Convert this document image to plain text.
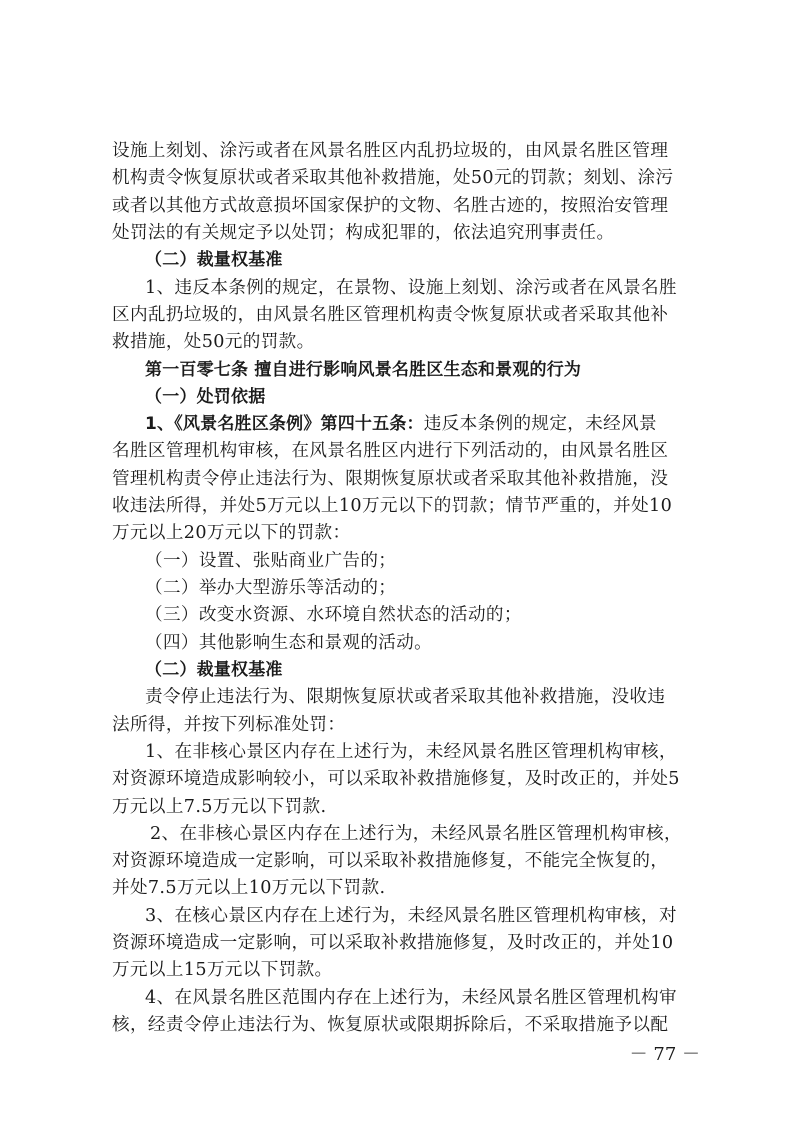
设施上刻划、涂污或者在风景名胜区内乱扔垃圾的，由风景名胜区管理
机构责令恢复原状或者采取其他补救措施，处50元的罚款；刻划、涂污
或者以其他方式故意损坏国家保护的文物、名胜古迹的，按照治安管理
处罚法的有关规定予以处罚；构成犯罪的，依法追究刑事责任。
（二）裁量权基准
1、违反本条例的规定，在景物、设施上刻划、涂污或者在风景名胜
区内乱扔垃圾的，由风景名胜区管理机构责令恢复原状或者采取其他补
救措施，处50元的罚款。
第一百零七条 擅自进行影响风景名胜区生态和景观的行为
（一）处罚依据
1、《风景名胜区条例》第四十五条：违反本条例的规定，未经风景
名胜区管理机构审核，在风景名胜区内进行下列活动的，由风景名胜区
管理机构责令停止违法行为、限期恢复原状或者采取其他补救措施，没
收违法所得，并处5万元以上10万元以下的罚款；情节严重的，并处10
万元以上20万元以下的罚款：
（一）设置、张贴商业广告的；
（二）举办大型游乐等活动的；
（三）改变水资源、水环境自然状态的活动的；
（四）其他影响生态和景观的活动。
（二）裁量权基准
责令停止违法行为、限期恢复原状或者采取其他补救措施，没收违
法所得，并按下列标准处罚：
1、在非核心景区内存在上述行为，未经风景名胜区管理机构审核，
对资源环境造成影响较小，可以采取补救措施修复，及时改正的，并处5
万元以上7.5万元以下罚款.
2、在非核心景区内存在上述行为，未经风景名胜区管理机构审核，
对资源环境造成一定影响，可以采取补救措施修复，不能完全恢复的，
并处7.5万元以上10万元以下罚款.
3、在核心景区内存在上述行为，未经风景名胜区管理机构审核，对
资源环境造成一定影响，可以采取补救措施修复，及时改正的，并处10
万元以上15万元以下罚款。
4、在风景名胜区范围内存在上述行为，未经风景名胜区管理机构审
核，经责令停止违法行为、恢复原状或限期拆除后，不采取措施予以配
－ 77 －
